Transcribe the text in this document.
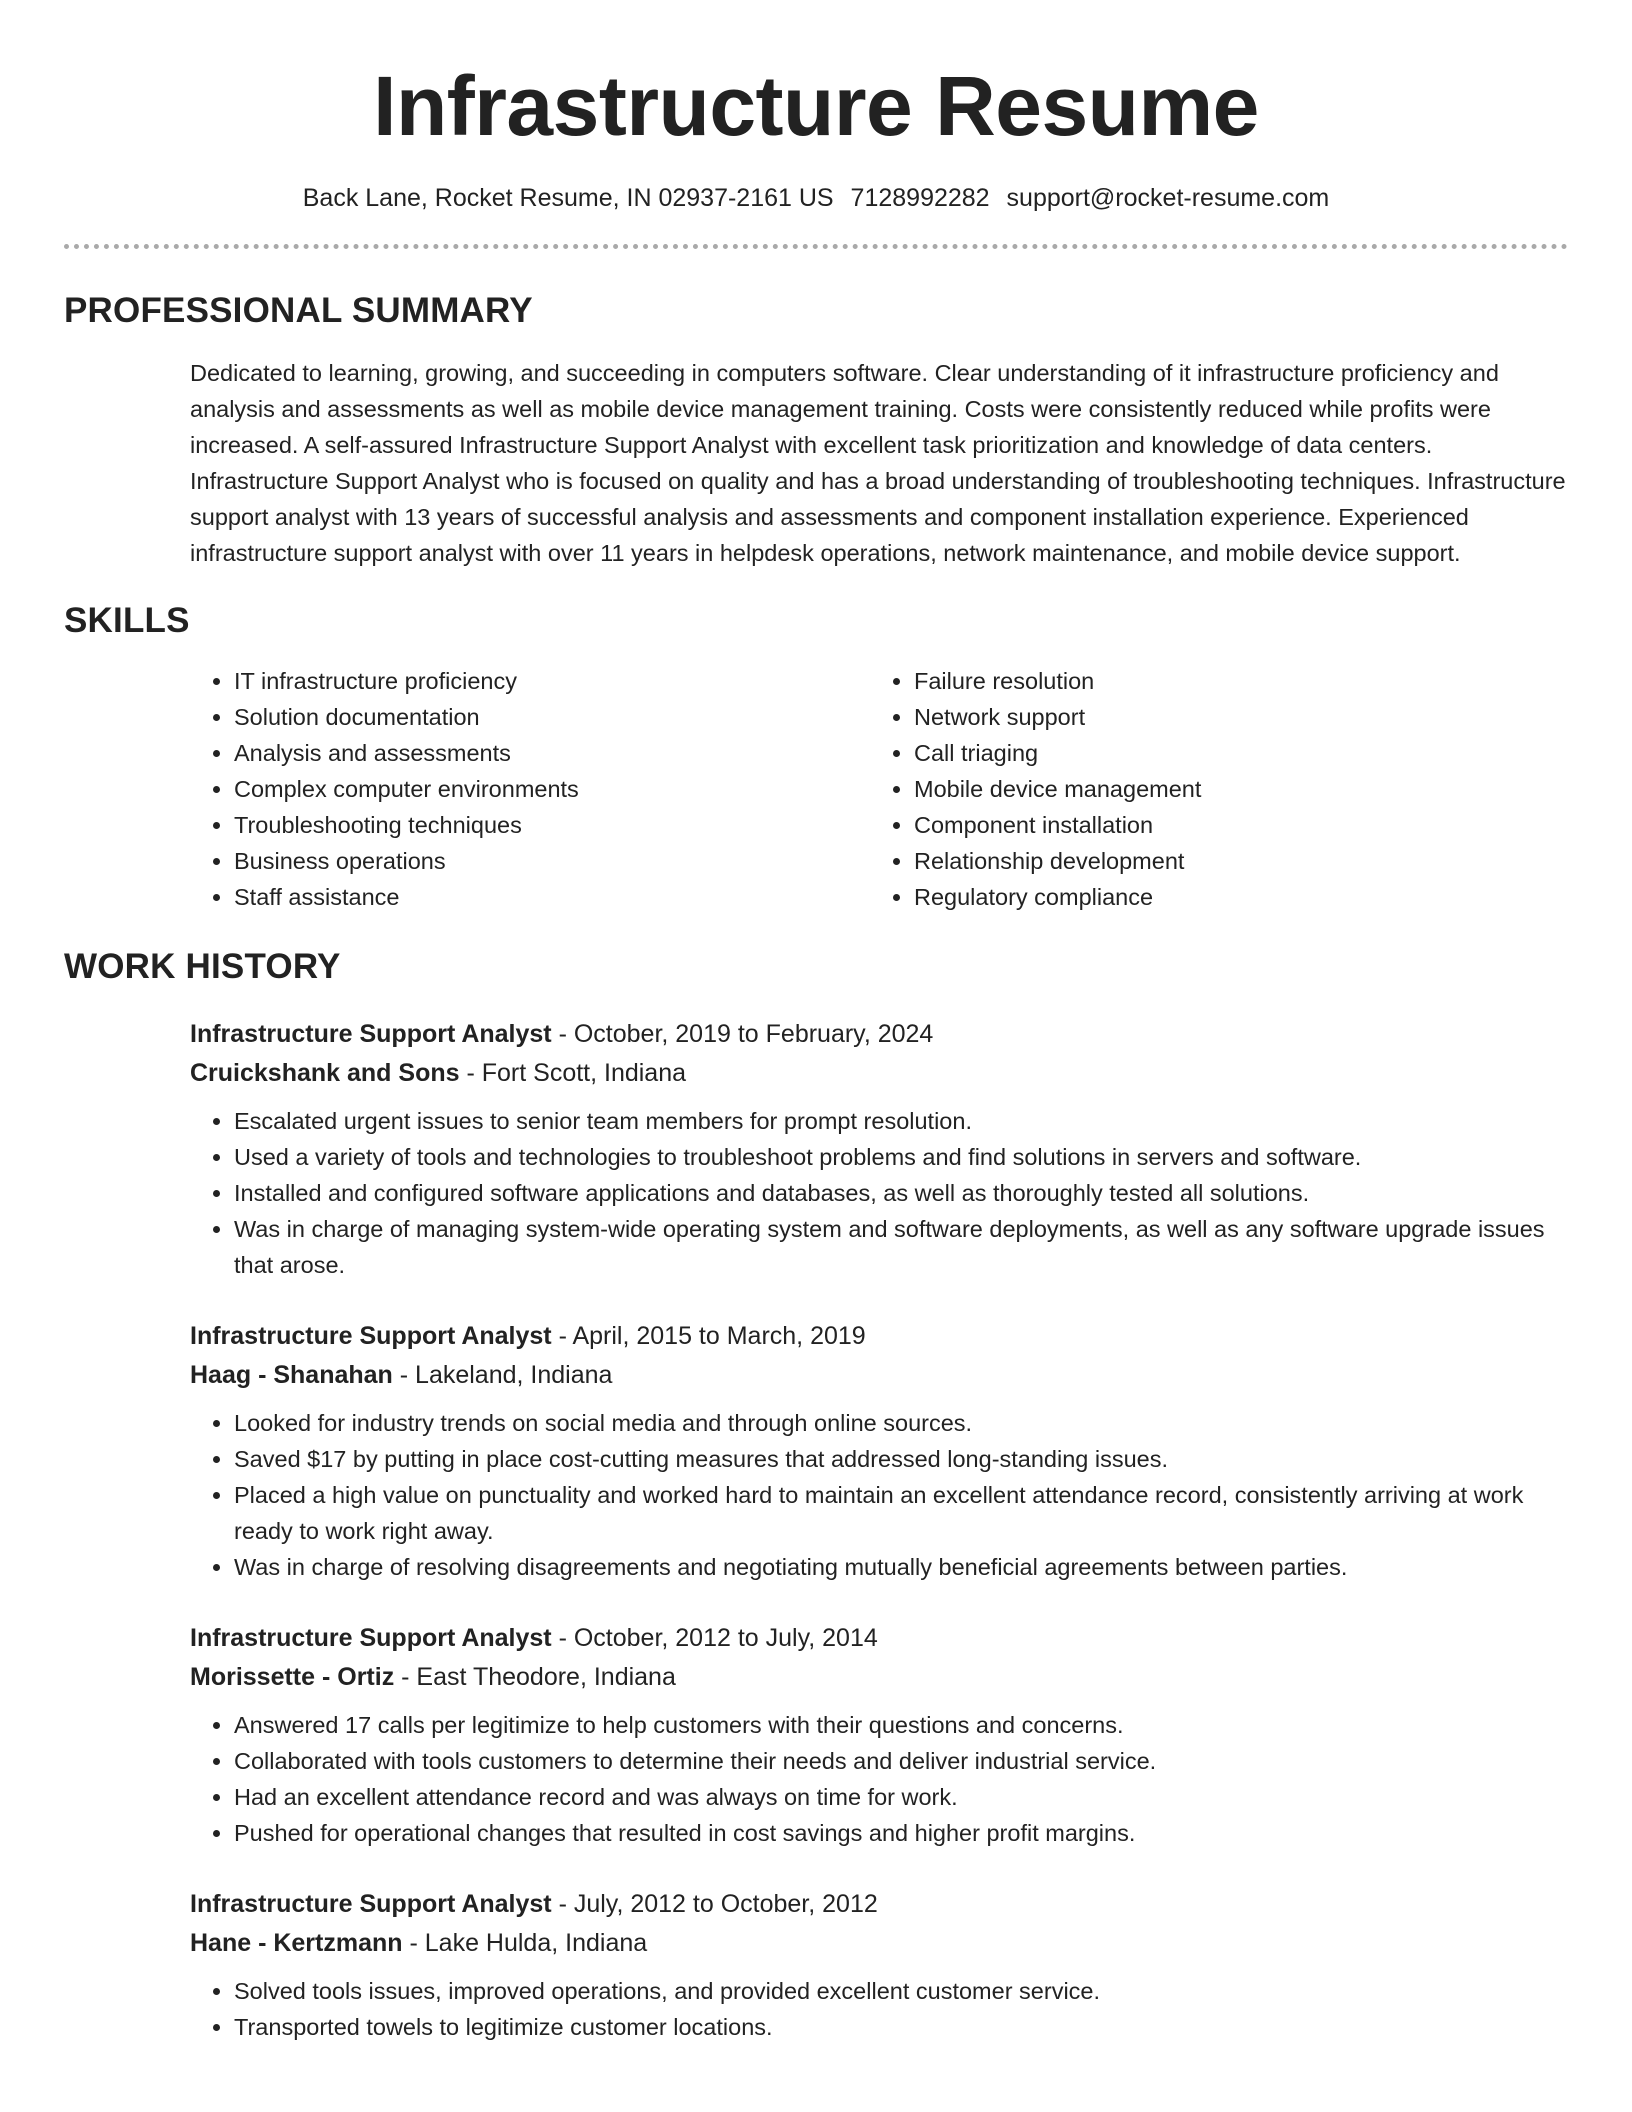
Infrastructure Resume
Back Lane, Rocket Resume, IN 02937-2161 US 7128992282 support@rocket-resume.com
PROFESSIONAL SUMMARY
Dedicated to learning, growing, and succeeding in computers software. Clear understanding of it infrastructure proficiency and analysis and assessments as well as mobile device management training. Costs were consistently reduced while profits were increased. A self-assured Infrastructure Support Analyst with excellent task prioritization and knowledge of data centers. Infrastructure Support Analyst who is focused on quality and has a broad understanding of troubleshooting techniques. Infrastructure support analyst with 13 years of successful analysis and assessments and component installation experience. Experienced infrastructure support analyst with over 11 years in helpdesk operations, network maintenance, and mobile device support.
SKILLS
• IT infrastructure proficiency
• Solution documentation
• Analysis and assessments
• Complex computer environments
• Troubleshooting techniques
• Business operations
• Staff assistance
• Failure resolution
• Network support
• Call triaging
• Mobile device management
• Component installation
• Relationship development
• Regulatory compliance
WORK HISTORY
Infrastructure Support Analyst - October, 2019 to February, 2024
Cruickshank and Sons - Fort Scott, Indiana
• Escalated urgent issues to senior team members for prompt resolution.
• Used a variety of tools and technologies to troubleshoot problems and find solutions in servers and software.
• Installed and configured software applications and databases, as well as thoroughly tested all solutions.
• Was in charge of managing system-wide operating system and software deployments, as well as any software upgrade issues that arose.
Infrastructure Support Analyst - April, 2015 to March, 2019
Haag - Shanahan - Lakeland, Indiana
• Looked for industry trends on social media and through online sources.
• Saved $17 by putting in place cost-cutting measures that addressed long-standing issues.
• Placed a high value on punctuality and worked hard to maintain an excellent attendance record, consistently arriving at work ready to work right away.
• Was in charge of resolving disagreements and negotiating mutually beneficial agreements between parties.
Infrastructure Support Analyst - October, 2012 to July, 2014
Morissette - Ortiz - East Theodore, Indiana
• Answered 17 calls per legitimize to help customers with their questions and concerns.
• Collaborated with tools customers to determine their needs and deliver industrial service.
• Had an excellent attendance record and was always on time for work.
• Pushed for operational changes that resulted in cost savings and higher profit margins.
Infrastructure Support Analyst - July, 2012 to October, 2012
Hane - Kertzmann - Lake Hulda, Indiana
• Solved tools issues, improved operations, and provided excellent customer service.
• Transported towels to legitimize customer locations.
